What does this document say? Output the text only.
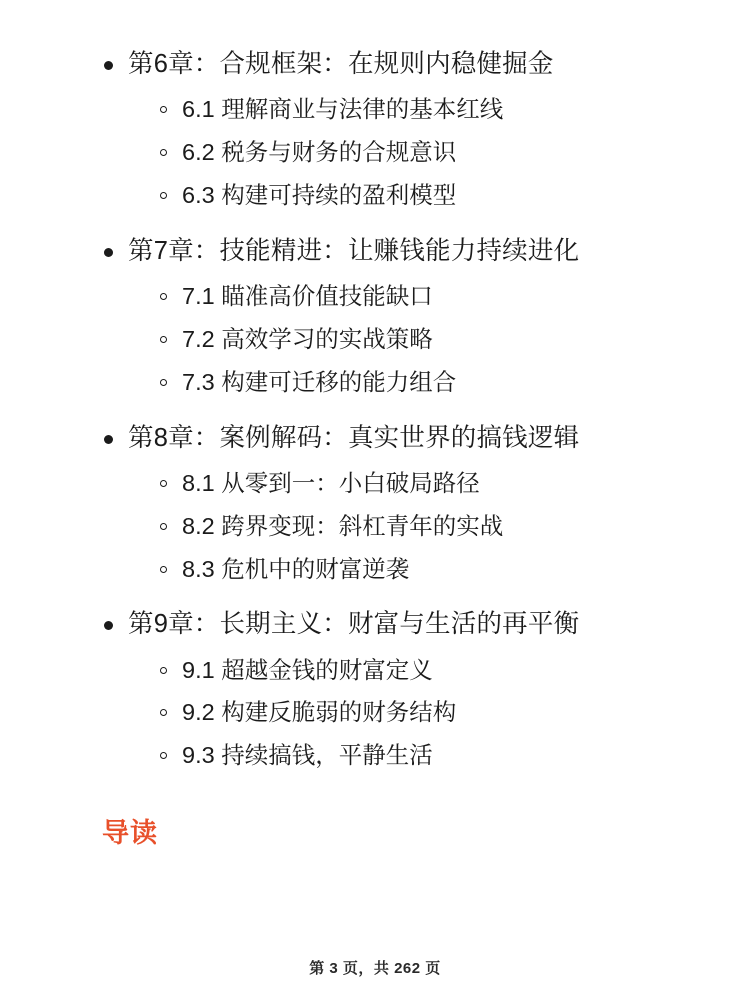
第6章：合规框架：在规则内稳健掘金
6.1 理解商业与法律的基本红线
6.2 税务与财务的合规意识
6.3 构建可持续的盈利模型
第7章：技能精进：让赚钱能力持续进化
7.1 瞄准高价值技能缺口
7.2 高效学习的实战策略
7.3 构建可迁移的能力组合
第8章：案例解码：真实世界的搞钱逻辑
8.1 从零到一：小白破局路径
8.2 跨界变现：斜杠青年的实战
8.3 危机中的财富逆袭
第9章：长期主义：财富与生活的再平衡
9.1 超越金钱的财富定义
9.2 构建反脆弱的财务结构
9.3 持续搞钱，平静生活
导读
第 3 页，共 262 页
